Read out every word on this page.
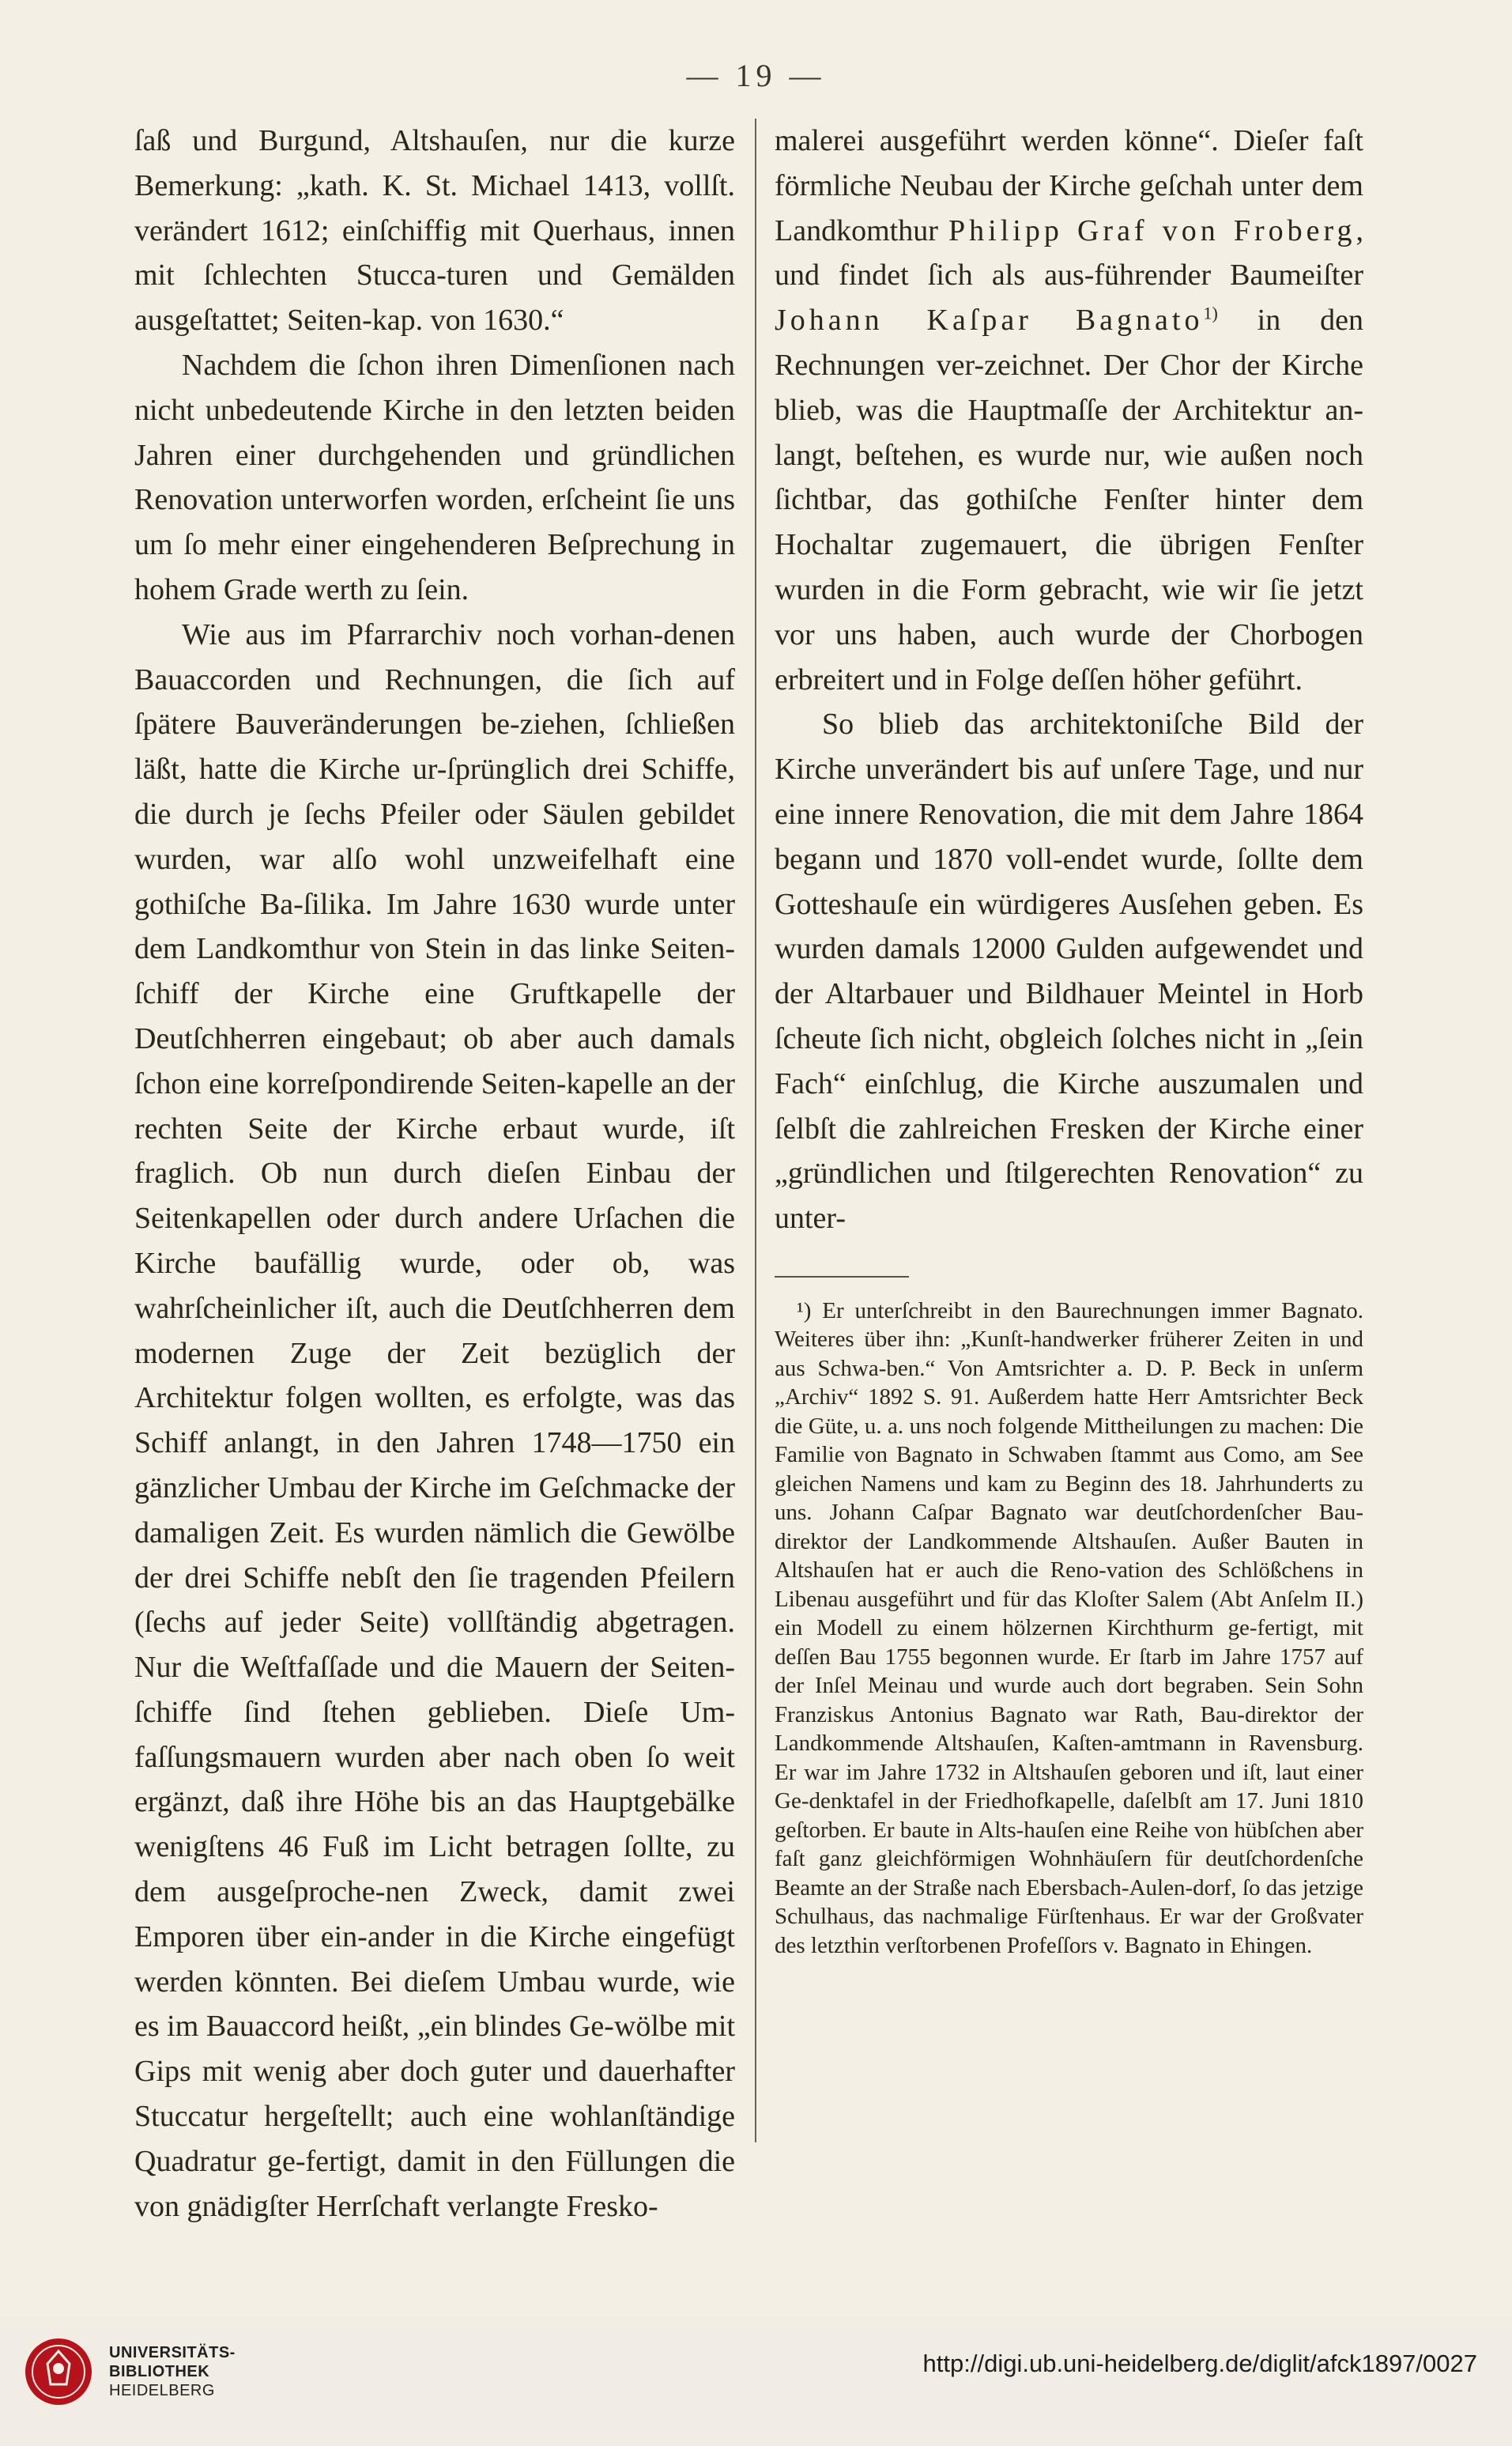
— 19 —

ſaß und Burgund, Altshauſen, nur die kurze Bemerkung: „kath. K. St. Michael 1413, vollſt. verändert 1612; einſchiffig mit Querhaus, innen mit ſchlechten Stucca-turen und Gemälden ausgeſtattet; Seiten-kap. von 1630.“

Nachdem die ſchon ihren Dimenſionen nach nicht unbedeutende Kirche in den letzten beiden Jahren einer durchgehenden und gründlichen Renovation unterworfen worden, erſcheint ſie uns um ſo mehr einer eingehenderen Beſprechung in hohem Grade werth zu ſein.

Wie aus im Pfarrarchiv noch vorhan-denen Bauaccorden und Rechnungen, die ſich auf ſpätere Bauveränderungen be-ziehen, ſchließen läßt, hatte die Kirche ur-ſprünglich drei Schiffe, die durch je ſechs Pfeiler oder Säulen gebildet wurden, war alſo wohl unzweifelhaft eine gothiſche Ba-ſilika. Im Jahre 1630 wurde unter dem Landkomthur von Stein in das linke Seiten-ſchiff der Kirche eine Gruftkapelle der Deutſchherren eingebaut; ob aber auch damals ſchon eine korreſpondirende Seiten-kapelle an der rechten Seite der Kirche erbaut wurde, iſt fraglich. Ob nun durch dieſen Einbau der Seitenkapellen oder durch andere Urſachen die Kirche baufällig wurde, oder ob, was wahrſcheinlicher iſt, auch die Deutſchherren dem modernen Zuge der Zeit bezüglich der Architektur folgen wollten, es erfolgte, was das Schiff anlangt, in den Jahren 1748—1750 ein gänzlicher Umbau der Kirche im Geſchmacke der damaligen Zeit. Es wurden nämlich die Gewölbe der drei Schiffe nebſt den ſie tragenden Pfeilern (ſechs auf jeder Seite) vollſtändig abgetragen. Nur die Weſtfaſſade und die Mauern der Seiten-ſchiffe ſind ſtehen geblieben. Dieſe Um-faſſungsmauern wurden aber nach oben ſo weit ergänzt, daß ihre Höhe bis an das Hauptgebälke wenigſtens 46 Fuß im Licht betragen ſollte, zu dem ausgeſproche-nen Zweck, damit zwei Emporen über ein-ander in die Kirche eingefügt werden könnten. Bei dieſem Umbau wurde, wie es im Bauaccord heißt, „ein blindes Ge-wölbe mit Gips mit wenig aber doch guter und dauerhafter Stuccatur hergeſtellt; auch eine wohlanſtändige Quadratur ge-fertigt, damit in den Füllungen die von gnädigſter Herrſchaft verlangte Fresko-

malerei ausgeführt werden könne“. Dieſer faſt förmliche Neubau der Kirche geſchah unter dem Landkomthur Philipp Graf von Froberg, und findet ſich als aus-führender Baumeiſter Johann Kaſpar Bagnato$^{1)}$ in den Rechnungen ver-zeichnet. Der Chor der Kirche blieb, was die Hauptmaſſe der Architektur an-langt, beſtehen, es wurde nur, wie außen noch ſichtbar, das gothiſche Fenſter hinter dem Hochaltar zugemauert, die übrigen Fenſter wurden in die Form gebracht, wie wir ſie jetzt vor uns haben, auch wurde der Chorbogen erbreitert und in Folge deſſen höher geführt.

So blieb das architektoniſche Bild der Kirche unverändert bis auf unſere Tage, und nur eine innere Renovation, die mit dem Jahre 1864 begann und 1870 voll-endet wurde, ſollte dem Gotteshauſe ein würdigeres Ausſehen geben. Es wurden damals 12000 Gulden aufgewendet und der Altarbauer und Bildhauer Meintel in Horb ſcheute ſich nicht, obgleich ſolches nicht in „ſein Fach“ einſchlug, die Kirche auszumalen und ſelbſt die zahlreichen Fresken der Kirche einer „gründlichen und ſtilgerechten Renovation“ zu unter-

¹) Er unterſchreibt in den Baurechnungen immer Bagnato. Weiteres über ihn: „Kunſt-handwerker früherer Zeiten in und aus Schwa-ben.“ Von Amtsrichter a. D. P. Beck in unſerm „Archiv“ 1892 S. 91. Außerdem hatte Herr Amtsrichter Beck die Güte, u. a. uns noch folgende Mittheilungen zu machen: Die Familie von Bagnato in Schwaben ſtammt aus Como, am See gleichen Namens und kam zu Beginn des 18. Jahrhunderts zu uns. Johann Caſpar Bagnato war deutſchordenſcher Bau-direktor der Landkommende Altshauſen. Außer Bauten in Altshauſen hat er auch die Reno-vation des Schlößchens in Libenau ausgeführt und für das Kloſter Salem (Abt Anſelm II.) ein Modell zu einem hölzernen Kirchthurm ge-fertigt, mit deſſen Bau 1755 begonnen wurde. Er ſtarb im Jahre 1757 auf der Inſel Meinau und wurde auch dort begraben. Sein Sohn Franziskus Antonius Bagnato war Rath, Bau-direktor der Landkommende Altshauſen, Kaſten-amtmann in Ravensburg. Er war im Jahre 1732 in Altshauſen geboren und iſt, laut einer Ge-denktafel in der Friedhofkapelle, daſelbſt am 17. Juni 1810 geſtorben. Er baute in Alts-hauſen eine Reihe von hübſchen aber faſt ganz gleichförmigen Wohnhäuſern für deutſchordenſche Beamte an der Straße nach Ebersbach-Aulen-dorf, ſo das jetzige Schulhaus, das nachmalige Fürſtenhaus. Er war der Großvater des letzthin verſtorbenen Profeſſors v. Bagnato in Ehingen.

UNIVERSITÄTS-
BIBLIOTHEK
HEIDELBERG
http://digi.ub.uni-heidelberg.de/diglit/afck1897/0027
